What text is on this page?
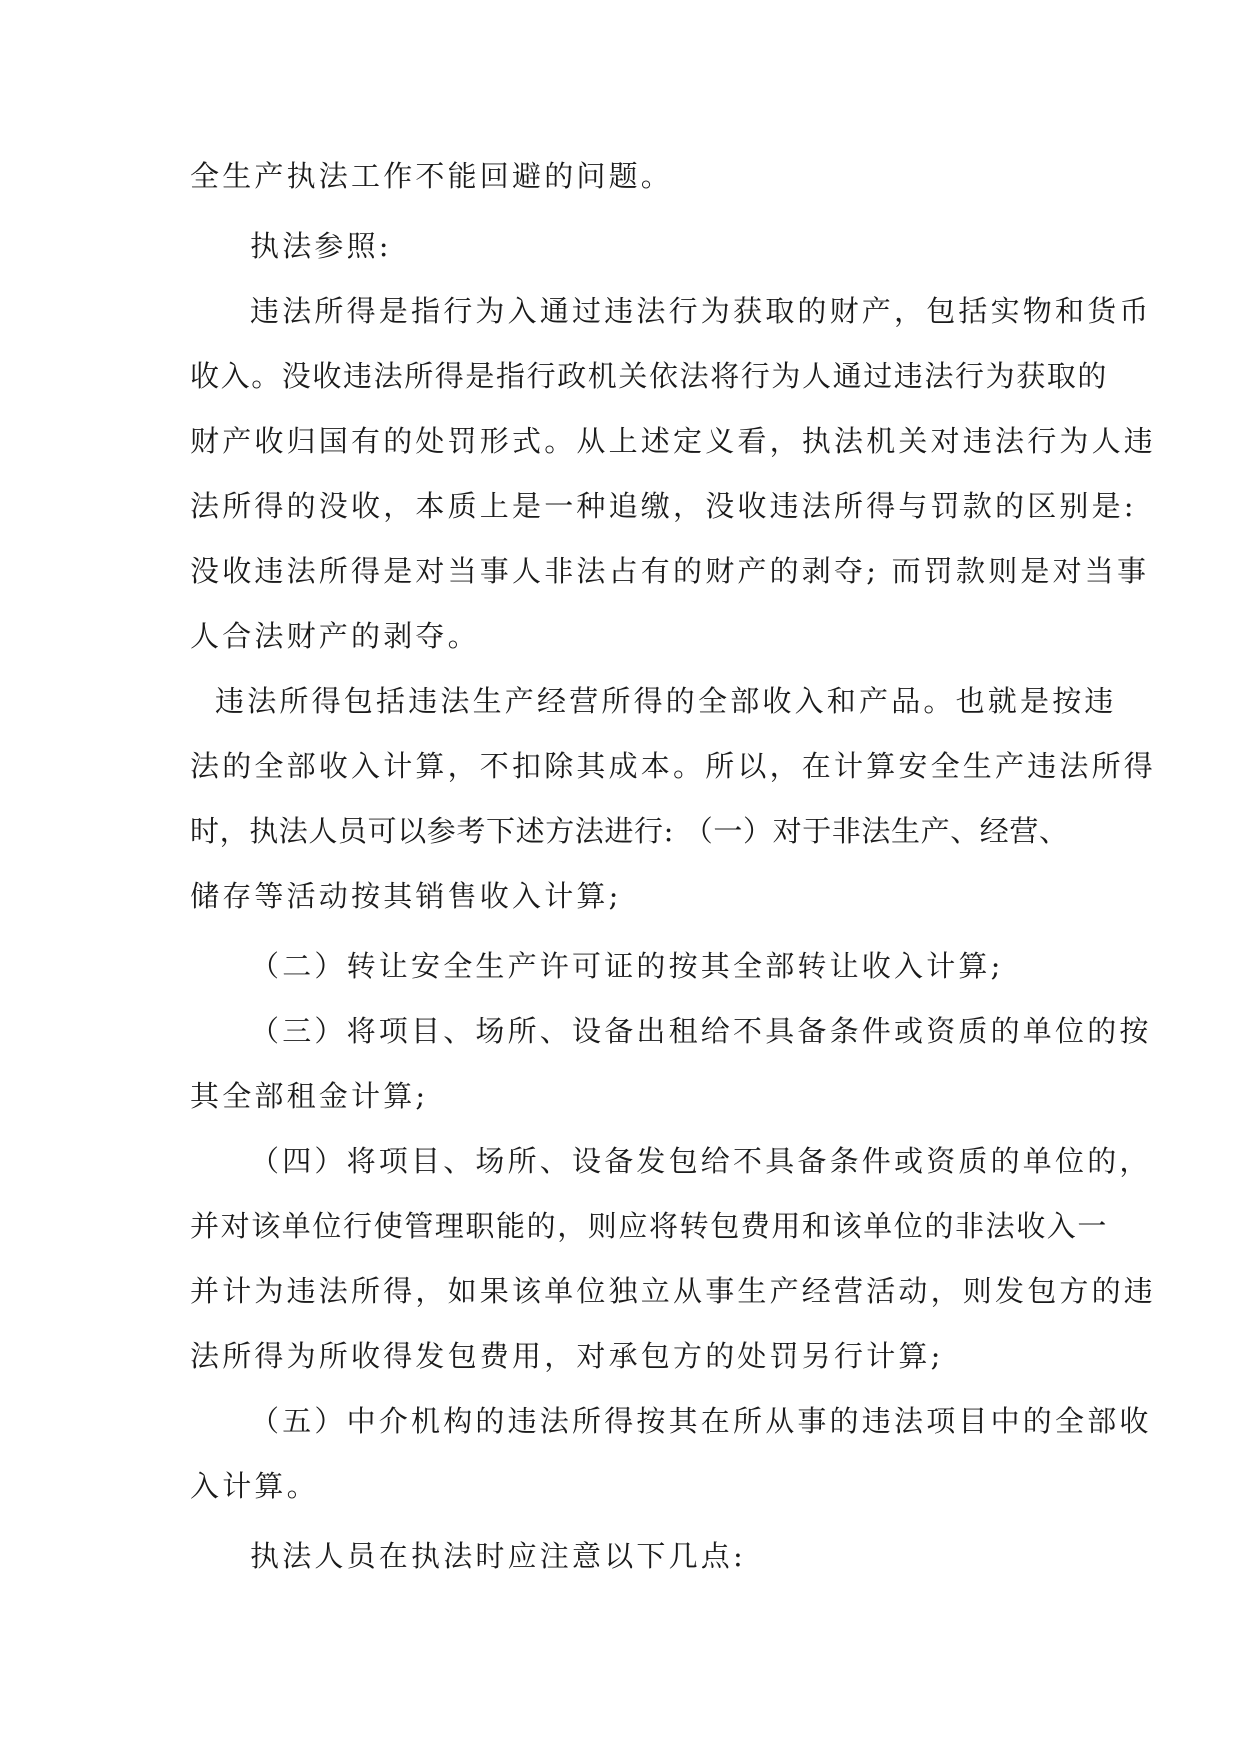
全生产执法工作不能回避的问题。
执法参照:
违法所得是指行为入通过违法行为获取的财产，包括实物和货币
收入。没收违法所得是指行政机关依法将行为人通过违法行为获取的
财产收归国有的处罚形式。从上述定义看，执法机关对违法行为人违
法所得的没收，本质上是一种追缴，没收违法所得与罚款的区别是:
没收违法所得是对当事人非法占有的财产的剥夺; 而罚款则是对当事
人合法财产的剥夺。
违法所得包括违法生产经营所得的全部收入和产品。也就是按违
法的全部收入计算，不扣除其成本。所以，在计算安全生产违法所得
时，执法人员可以参考下述方法进行: （一）对于非法生产、经营、
储存等活动按其销售收入计算;
（二）转让安全生产许可证的按其全部转让收入计算;
（三）将项目、场所、设备出租给不具备条件或资质的单位的按
其全部租金计算;
（四）将项目、场所、设备发包给不具备条件或资质的单位的，
并对该单位行使管理职能的，则应将转包费用和该单位的非法收入一
并计为违法所得，如果该单位独立从事生产经营活动，则发包方的违
法所得为所收得发包费用，对承包方的处罚另行计算;
（五）中介机构的违法所得按其在所从事的违法项目中的全部收
入计算。
执法人员在执法时应注意以下几点:
